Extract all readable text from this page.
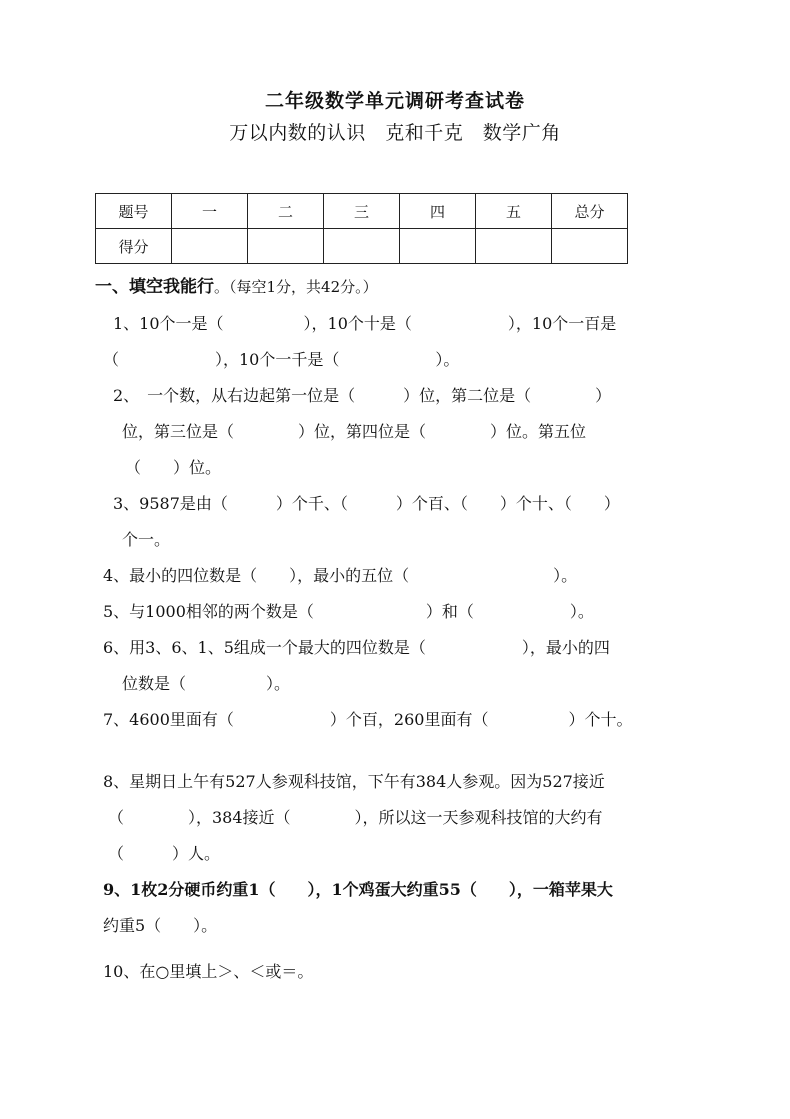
二年级数学单元调研考查试卷
万以内数的认识　克和千克　数学广角
题号	一	二	三	四	五	总分
得分						
一、填空我能行。（每空1分，共42分。）
1、10个一是（　　　　　），10个十是（　　　　　　），10个一百是
（　　　　　　），10个一千是（　　　　　　）。
2、　一个数，从右边起第一位是（　　　）位，第二位是（　　　　）
位，第三位是（　　　　）位，第四位是（　　　　）位。第五位
（　　）位。
3、9587是由（　　　）个千、（　　　）个百、（　　）个十、（　　）
个一。
4、最小的四位数是（　　），最小的五位（　　　　　　　　　）。
5、与1000相邻的两个数是（　　　　　　　）和（　　　　　　）。
6、用3、6、1、5组成一个最大的四位数是（　　　　　　），最小的四
位数是（　　　　　）。
7、4600里面有（　　　　　　）个百，260里面有（　　　　　）个十。
8、星期日上午有527人参观科技馆，下午有384人参观。因为527接近
（　　　　），384接近（　　　　），所以这一天参观科技馆的大约有
（　　　）人。
9、1枚2分硬币约重1（　　），1个鸡蛋大约重55（　　），一箱苹果大
约重5（　　）。
10、在○里填上＞、＜或＝。
